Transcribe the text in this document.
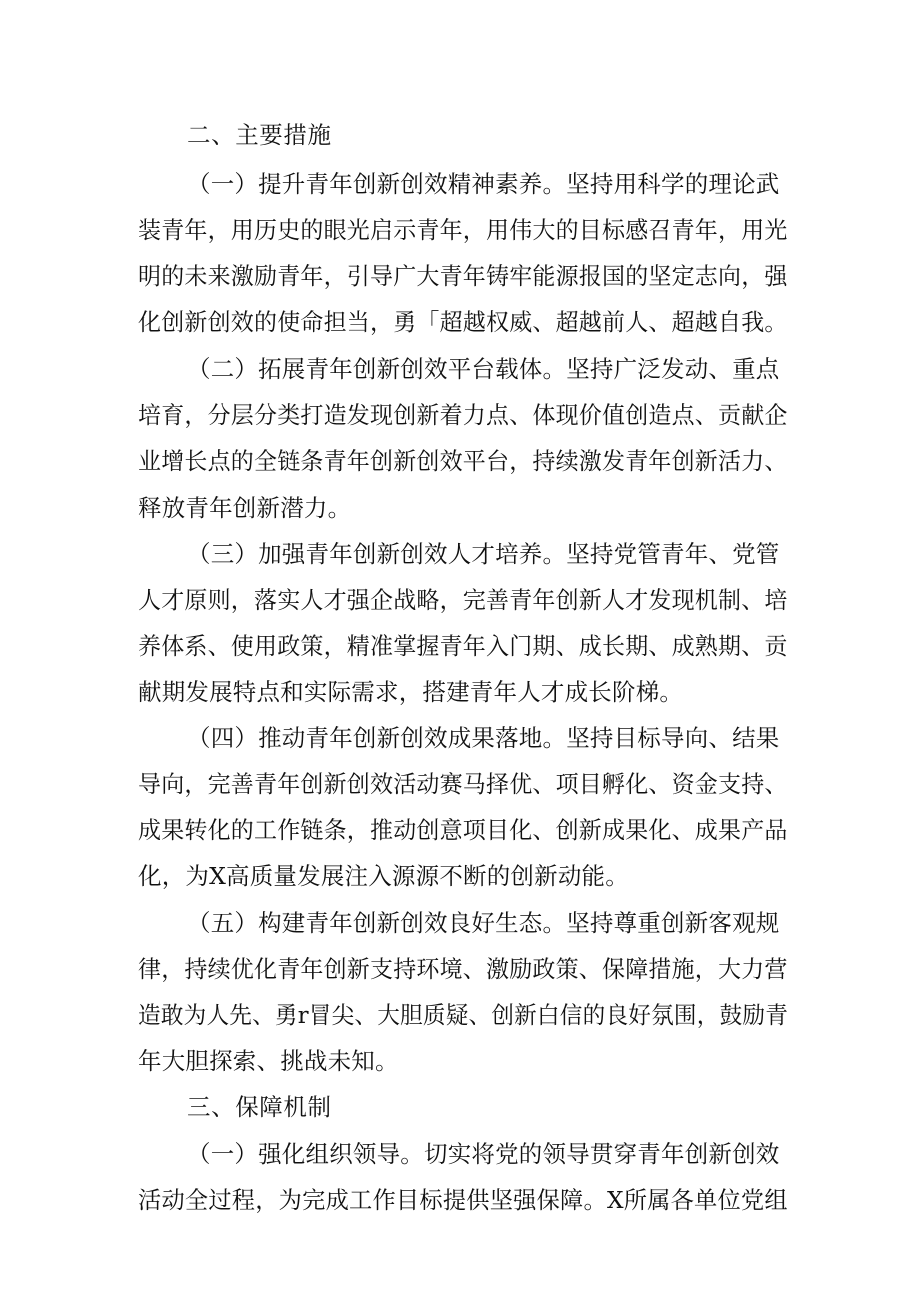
二、主要措施
（一）提升青年创新创效精神素养。坚持用科学的理论武
装青年，用历史的眼光启示青年，用伟大的目标感召青年，用光
明的未来激励青年，引导广大青年铸牢能源报国的坚定志向，强
化创新创效的使命担当，勇「超越权威、超越前人、超越自我。
（二）拓展青年创新创效平台载体。坚持广泛发动、重点
培育，分层分类打造发现创新着力点、体现价值创造点、贡献企
业增长点的全链条青年创新创效平台，持续激发青年创新活力、
释放青年创新潜力。
（三）加强青年创新创效人才培养。坚持党管青年、党管
人才原则，落实人才强企战略，完善青年创新人才发现机制、培
养体系、使用政策，精准掌握青年入门期、成长期、成熟期、贡
献期发展特点和实际需求，搭建青年人才成长阶梯。
（四）推动青年创新创效成果落地。坚持目标导向、结果
导向，完善青年创新创效活动赛马择优、项目孵化、资金支持、
成果转化的工作链条，推动创意项目化、创新成果化、成果产品
化，为X高质量发展注入源源不断的创新动能。
（五）构建青年创新创效良好生态。坚持尊重创新客观规
律，持续优化青年创新支持环境、激励政策、保障措施，大力营
造敢为人先、勇r冒尖、大胆质疑、创新白信的良好氛围，鼓励青
年大胆探索、挑战未知。
三、保障机制
（一）强化组织领导。切实将党的领导贯穿青年创新创效
活动全过程，为完成工作目标提供坚强保障。X所属各单位党组
